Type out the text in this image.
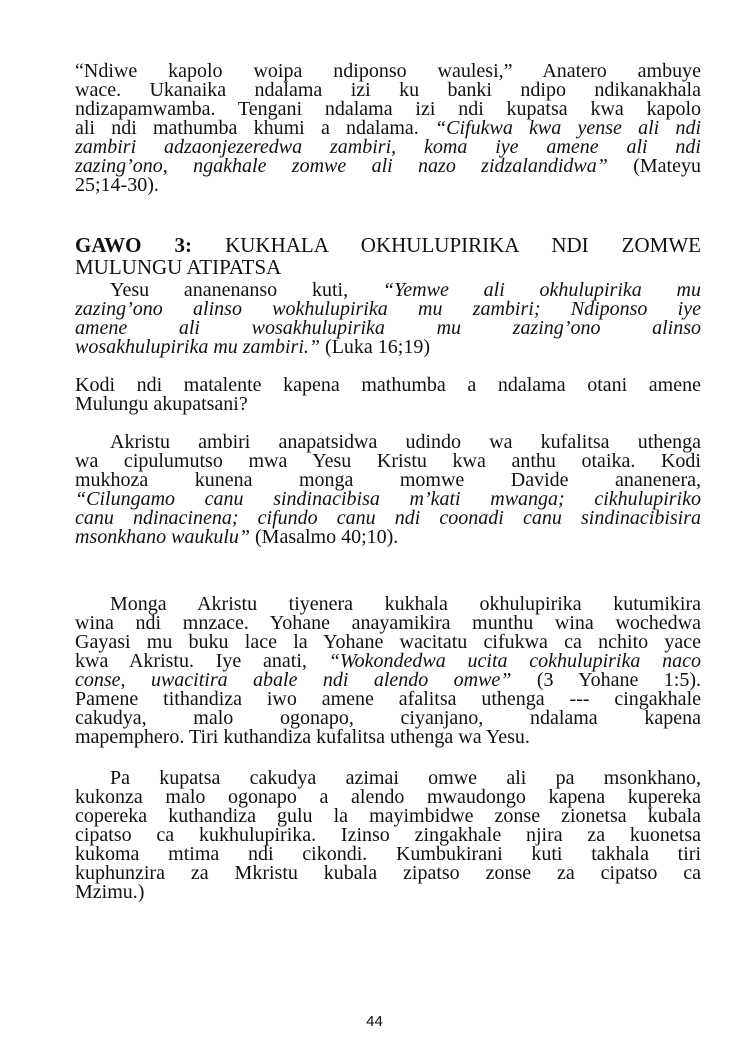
“Ndiwe kapolo woipa ndiponso waulesi,” Anatero ambuye
wace. Ukanaika ndalama izi ku banki ndipo ndikanakhala
ndizapamwamba. Tengani ndalama izi ndi kupatsa kwa kapolo
ali ndi mathumba khumi a ndalama. “Cifukwa kwa yense ali ndi
zambiri adzaonjezeredwa zambiri, koma iye amene ali ndi
zazing’ono, ngakhale zomwe ali nazo zidzalandidwa” (Mateyu
25;14-30).
GAWO 3: KUKHALA OKHULUPIRIKA NDI ZOMWE
MULUNGU ATIPATSA
Yesu ananenanso kuti, “Yemwe ali okhulupirika mu
zazing’ono alinso wokhulupirika mu zambiri; Ndiponso iye
amene ali wosakhulupirika mu zazing’ono alinso
wosakhulupirika mu zambiri.” (Luka 16;19)
Kodi ndi matalente kapena mathumba a ndalama otani amene
Mulungu akupatsani?
Akristu ambiri anapatsidwa udindo wa kufalitsa uthenga
wa cipulumutso mwa Yesu Kristu kwa anthu otaika. Kodi
mukhoza kunena monga momwe Davide ananenera,
“Cilungamo canu sindinacibisa m’kati mwanga; cikhulupiriko
canu ndinacinena; cifundo canu ndi coonadi canu sindinacibisira
msonkhano waukulu” (Masalmo 40;10).
Monga Akristu tiyenera kukhala okhulupirika kutumikira
wina ndi mnzace. Yohane anayamikira munthu wina wochedwa
Gayasi mu buku lace la Yohane wacitatu cifukwa ca nchito yace
kwa Akristu. Iye anati, “Wokondedwa ucita cokhulupirika naco
conse, uwacitira abale ndi alendo omwe” (3 Yohane 1:5).
Pamene tithandiza iwo amene afalitsa uthenga --- cingakhale
cakudya, malo ogonapo, ciyanjano, ndalama kapena
mapemphero. Tiri kuthandiza kufalitsa uthenga wa Yesu.
Pa kupatsa cakudya azimai omwe ali pa msonkhano,
kukonza malo ogonapo a alendo mwaudongo kapena kupereka
copereka kuthandiza gulu la mayimbidwe zonse zionetsa kubala
cipatso ca kukhulupirika. Izinso zingakhale njira za kuonetsa
kukoma mtima ndi cikondi. Kumbukirani kuti takhala tiri
kuphunzira za Mkristu kubala zipatso zonse za cipatso ca
Mzimu.)
44
